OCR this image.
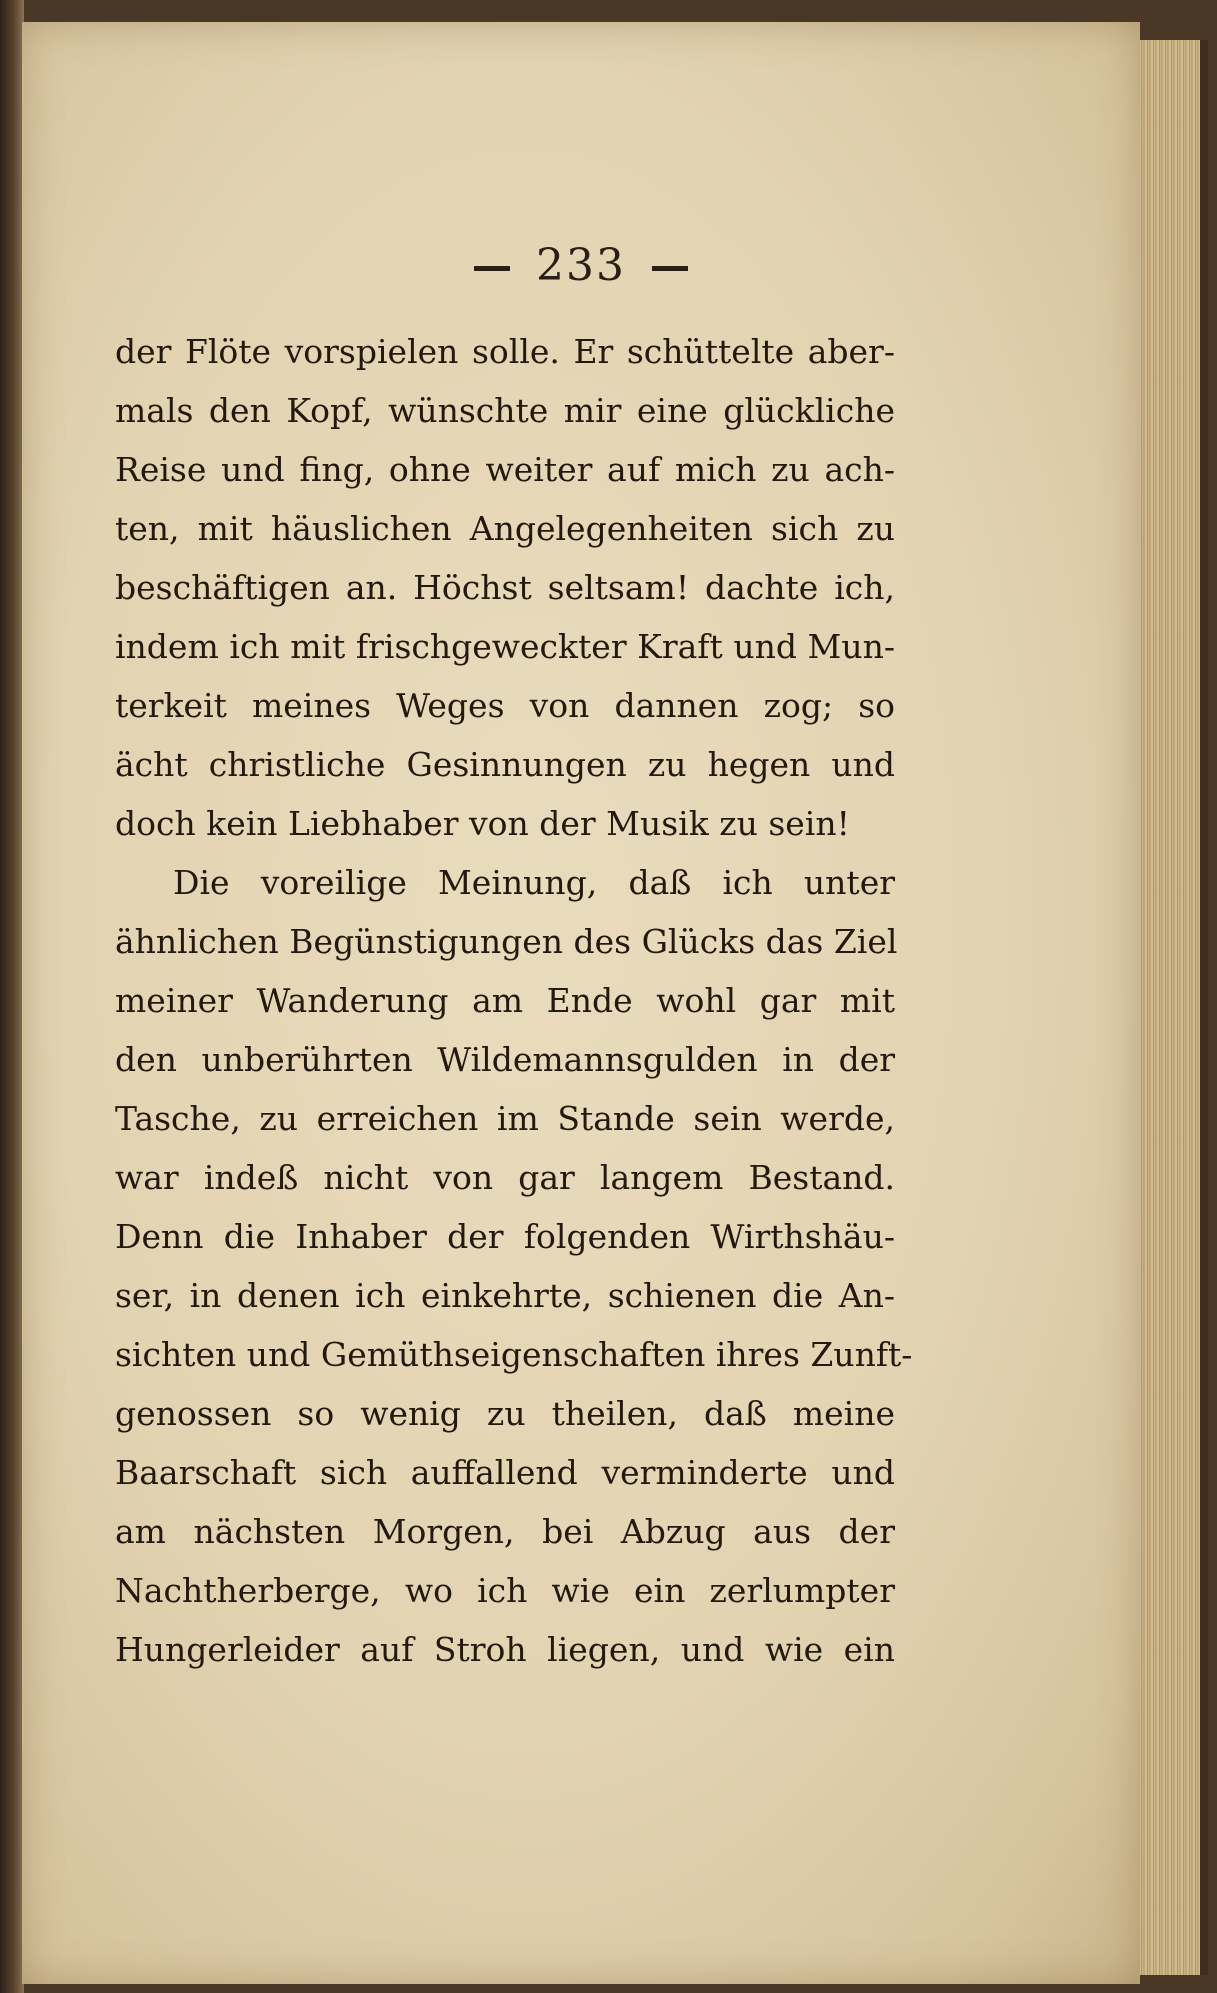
233
der Flöte vorspielen solle. Er schüttelte aber-
mals den Kopf, wünschte mir eine glückliche
Reise und fing, ohne weiter auf mich zu ach-
ten, mit häuslichen Angelegenheiten sich zu
beschäftigen an. Höchst seltsam! dachte ich,
indem ich mit frischgeweckter Kraft und Mun-
terkeit meines Weges von dannen zog; so
ächt christliche Gesinnungen zu hegen und
doch kein Liebhaber von der Musik zu sein!
Die voreilige Meinung, daß ich unter
ähnlichen Begünstigungen des Glücks das Ziel
meiner Wanderung am Ende wohl gar mit
den unberührten Wildemannsgulden in der
Tasche, zu erreichen im Stande sein werde,
war indeß nicht von gar langem Bestand.
Denn die Inhaber der folgenden Wirthshäu-
ser, in denen ich einkehrte, schienen die An-
sichten und Gemüthseigenschaften ihres Zunft-
genossen so wenig zu theilen, daß meine
Baarschaft sich auffallend verminderte und
am nächsten Morgen, bei Abzug aus der
Nachtherberge, wo ich wie ein zerlumpter
Hungerleider auf Stroh liegen, und wie ein
